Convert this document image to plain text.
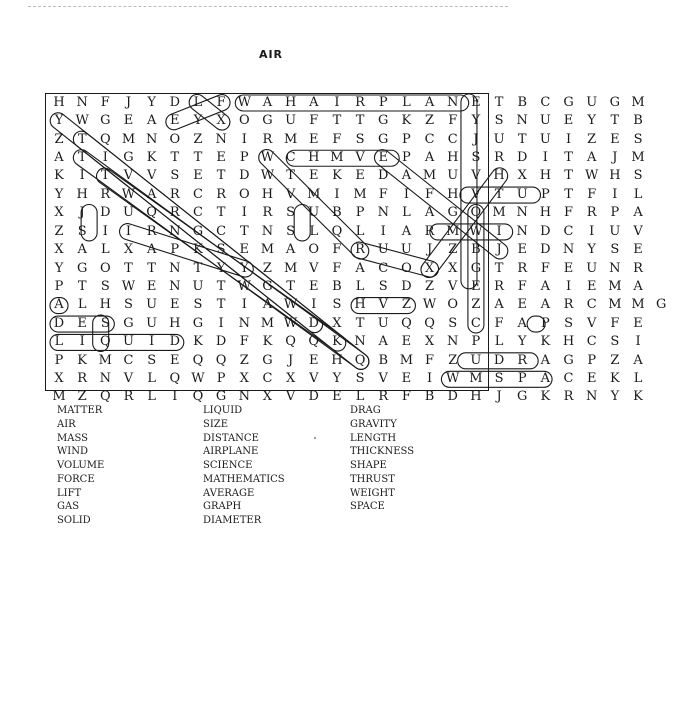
AIR
H N F	J	Y	D	L	F W A H A	I	R	P	L	A N E	T	B	C G U G M
Y W G	E	A	E	Y	X	O G U	F	T	T	G	K	Z	F	Y	S	N U E	Y	T	B
Z	T	Q M N O	Z N	I	R M E	F	S	G	P	C	C	J	U	T	U	I	Z	E	S
A	T	I	G	K	T	T	E	P W C H M V	E	P	A H	S	R	D	I	T	A	J	M
K	I	T	V	V	S	E	T	D W T	E	K	E	D	A M U V H X H	T W H	S
Y	H R W A	R	C	R O H V M	I	M F	I	F H V	T	U	P	T	F	I	L
X	J	D U Q R	C	T	I	R	S	U B	P	N	L	A	G Q M N H F	R	P	A
Z	S	I	I	R N G	C	T	N	S	L	Q	L	I	A	R M W	I	N D C	I	U V
X	A	L	X	A	P	K	S	E M A	O	F	R U U	J	Z	B	J	E	D N	Y	S	E
Y	G O	T	T	N	T	Y	Y	Z M V	F	A	C O	X	X	G	T	R	F	E U N R
P	T	S W E N U	T W G	T	E	B	L	S	D	Z	V	E	R	F	A	I	E M A
A	L	H	S	U E	S	T	I	A W	I	S	H V	Z W O	Z	A	E	A	R	C M M G
D	E	S	G U H G	I	N M W D	X	T	U Q Q	S	C	F	A	P	S	V	F	E
L	I	Q U	I	D	K	D	F	K Q Q K N A	E	X N	P	L	Y	K H C	S	I
P	K M C	S	E	Q Q	Z	G	J	E H Q	B M F	Z	U D	R	A	G	P	Z	A
X	R N V	L	Q W P	X	C	X	V	Y	S	V	E	I	W M S	P	A	C	E	K	L
M Z	Q R	L	I	Q G N X	V	D	E	L	R	F	B	D H	J	G	K	R N	Y	K
MATTER
AIR
MASS
WIND
VOLUME
FORCE
LIFT
GAS
SOLID
LIQUID
SIZE
DISTANCE
AIRPLANE
SCIENCE
MATHEMATICS
AVERAGE
GRAPH
DIAMETER
DRAG
GRAVITY
LENGTH
THICKNESS
SHAPE
THRUST
WEIGHT
SPACE
